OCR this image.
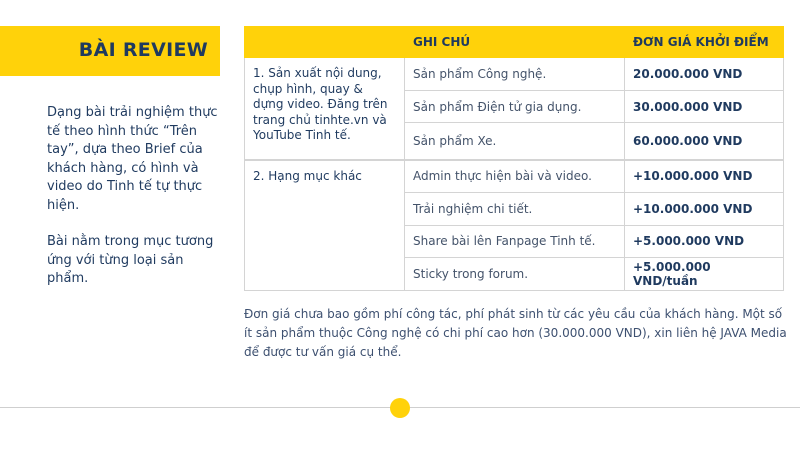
BÀI REVIEW

Dạng bài trải nghiệm thực tế theo hình thức “Trên tay”, dựa theo Brief của khách hàng, có hình và video do Tinh tế tự thực hiện.

Bài nằm trong mục tương ứng với từng loại sản phẩm.

	GHI CHÚ	ĐƠN GIÁ KHỞI ĐIỂM
1. Sản xuất nội dung, chụp hình, quay & dựng video. Đăng trên trang chủ tinhte.vn và YouTube Tinh tế.	Sản phẩm Công nghệ.	20.000.000 VND
	Sản phẩm Điện tử gia dụng.	30.000.000 VND
	Sản phẩm Xe.	60.000.000 VND
2. Hạng mục khác	Admin thực hiện bài và video.	+10.000.000 VND
	Trải nghiệm chi tiết.	+10.000.000 VND
	Share bài lên Fanpage Tinh tế.	+5.000.000 VND
	Sticky trong forum.	+5.000.000 VND/tuần

Đơn giá chưa bao gồm phí công tác, phí phát sinh từ các yêu cầu của khách hàng. Một số ít sản phẩm thuộc Công nghệ có chi phí cao hơn (30.000.000 VND), xin liên hệ JAVA Media để được tư vấn giá cụ thể.
